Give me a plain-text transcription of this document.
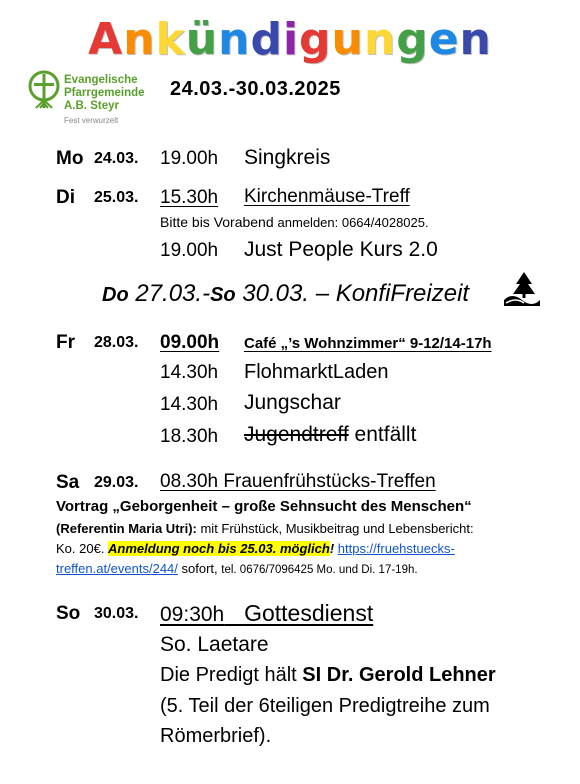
Ankündigungen
Evangelische
Pfarrgemeinde
A.B. Steyr
Fest verwurzelt
24.03.-30.03.2025
Mo 24.03. 19.00h Singkreis
Di 25.03. 15.30h Kirchenmäuse-Treff
Bitte bis Vorabend anmelden: 0664/4028025.
19.00h Just People Kurs 2.0
Do 27.03.-So 30.03. – KonfiFreizeit
Fr 28.03. 09.00h Café „’s Wohnzimmer“ 9-12/14-17h
14.30h FlohmarktLaden
14.30h Jungschar
18.30h Jugendtreff entfällt
Sa 29.03. 08.30h Frauenfrühstücks-Treffen
Vortrag „Geborgenheit – große Sehnsucht des Menschen“
(Referentin Maria Utri): mit Frühstück, Musikbeitrag und Lebensbericht:
Ko. 20€. Anmeldung noch bis 25.03. möglich! https://fruehstuecks-
treffen.at/events/244/ sofort, tel. 0676/7096425 Mo. und Di. 17-19h.
So 30.03. 09:30h Gottesdienst
So. Laetare
Die Predigt hält SI Dr. Gerold Lehner
(5. Teil der 6teiligen Predigtreihe zum
Römerbrief).
